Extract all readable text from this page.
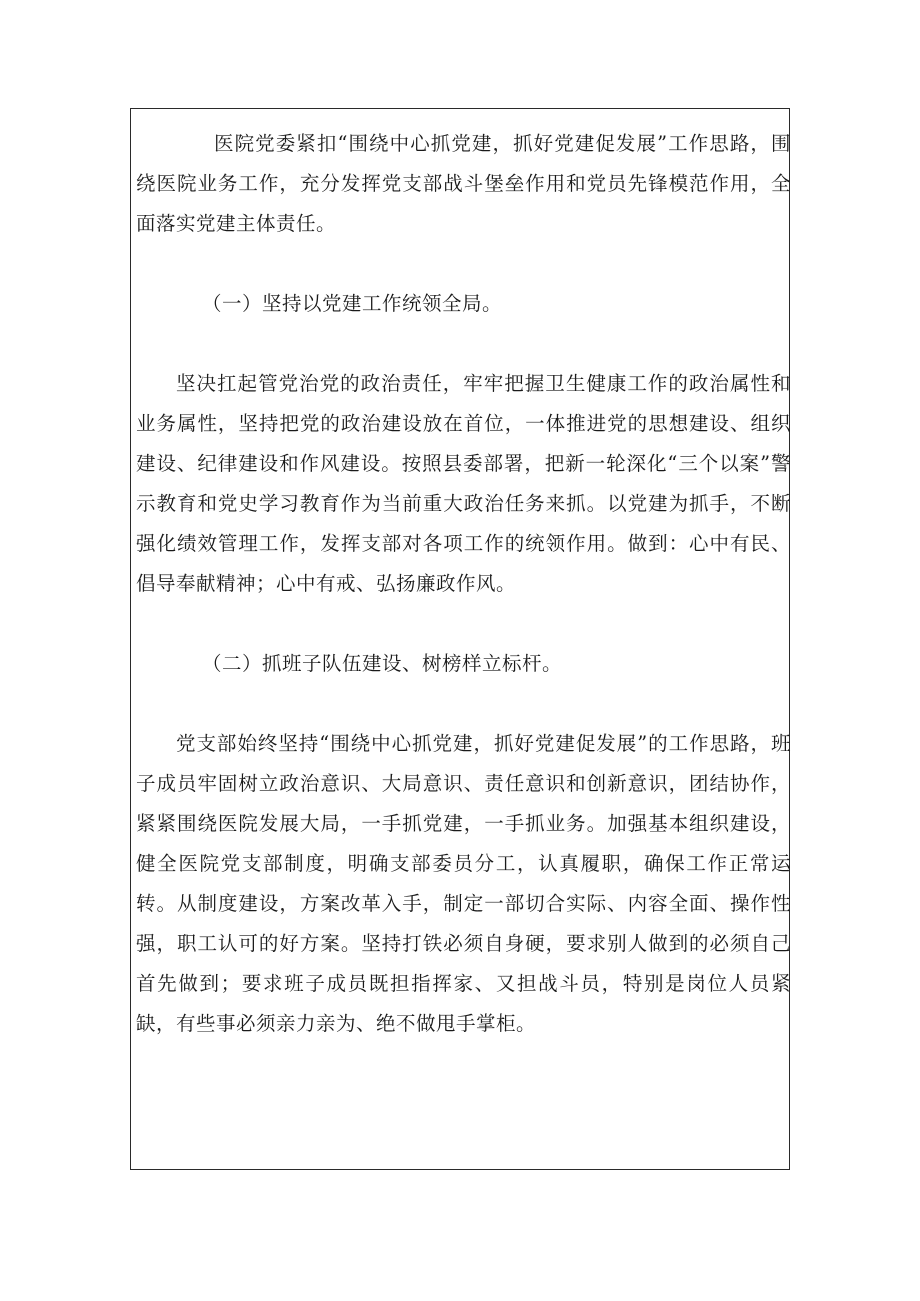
医院党委紧扣“围绕中心抓党建，抓好党建促发展”工作思路，围绕医院业务工作，充分发挥党支部战斗堡垒作用和党员先锋模范作用，全面落实党建主体责任。

（一）坚持以党建工作统领全局。

坚决扛起管党治党的政治责任，牢牢把握卫生健康工作的政治属性和业务属性，坚持把党的政治建设放在首位，一体推进党的思想建设、组织建设、纪律建设和作风建设。按照县委部署，把新一轮深化“三个以案”警示教育和党史学习教育作为当前重大政治任务来抓。以党建为抓手，不断强化绩效管理工作，发挥支部对各项工作的统领作用。做到：心中有民、倡导奉献精神；心中有戒、弘扬廉政作风。

（二）抓班子队伍建设、树榜样立标杆。

党支部始终坚持“围绕中心抓党建，抓好党建促发展”的工作思路，班子成员牢固树立政治意识、大局意识、责任意识和创新意识，团结协作，紧紧围绕医院发展大局，一手抓党建，一手抓业务。加强基本组织建设，健全医院党支部制度，明确支部委员分工，认真履职，确保工作正常运转。从制度建设，方案改革入手，制定一部切合实际、内容全面、操作性强，职工认可的好方案。坚持打铁必须自身硬，要求别人做到的必须自己首先做到；要求班子成员既担指挥家、又担战斗员，特别是岗位人员紧缺，有些事必须亲力亲为、绝不做甩手掌柜。
